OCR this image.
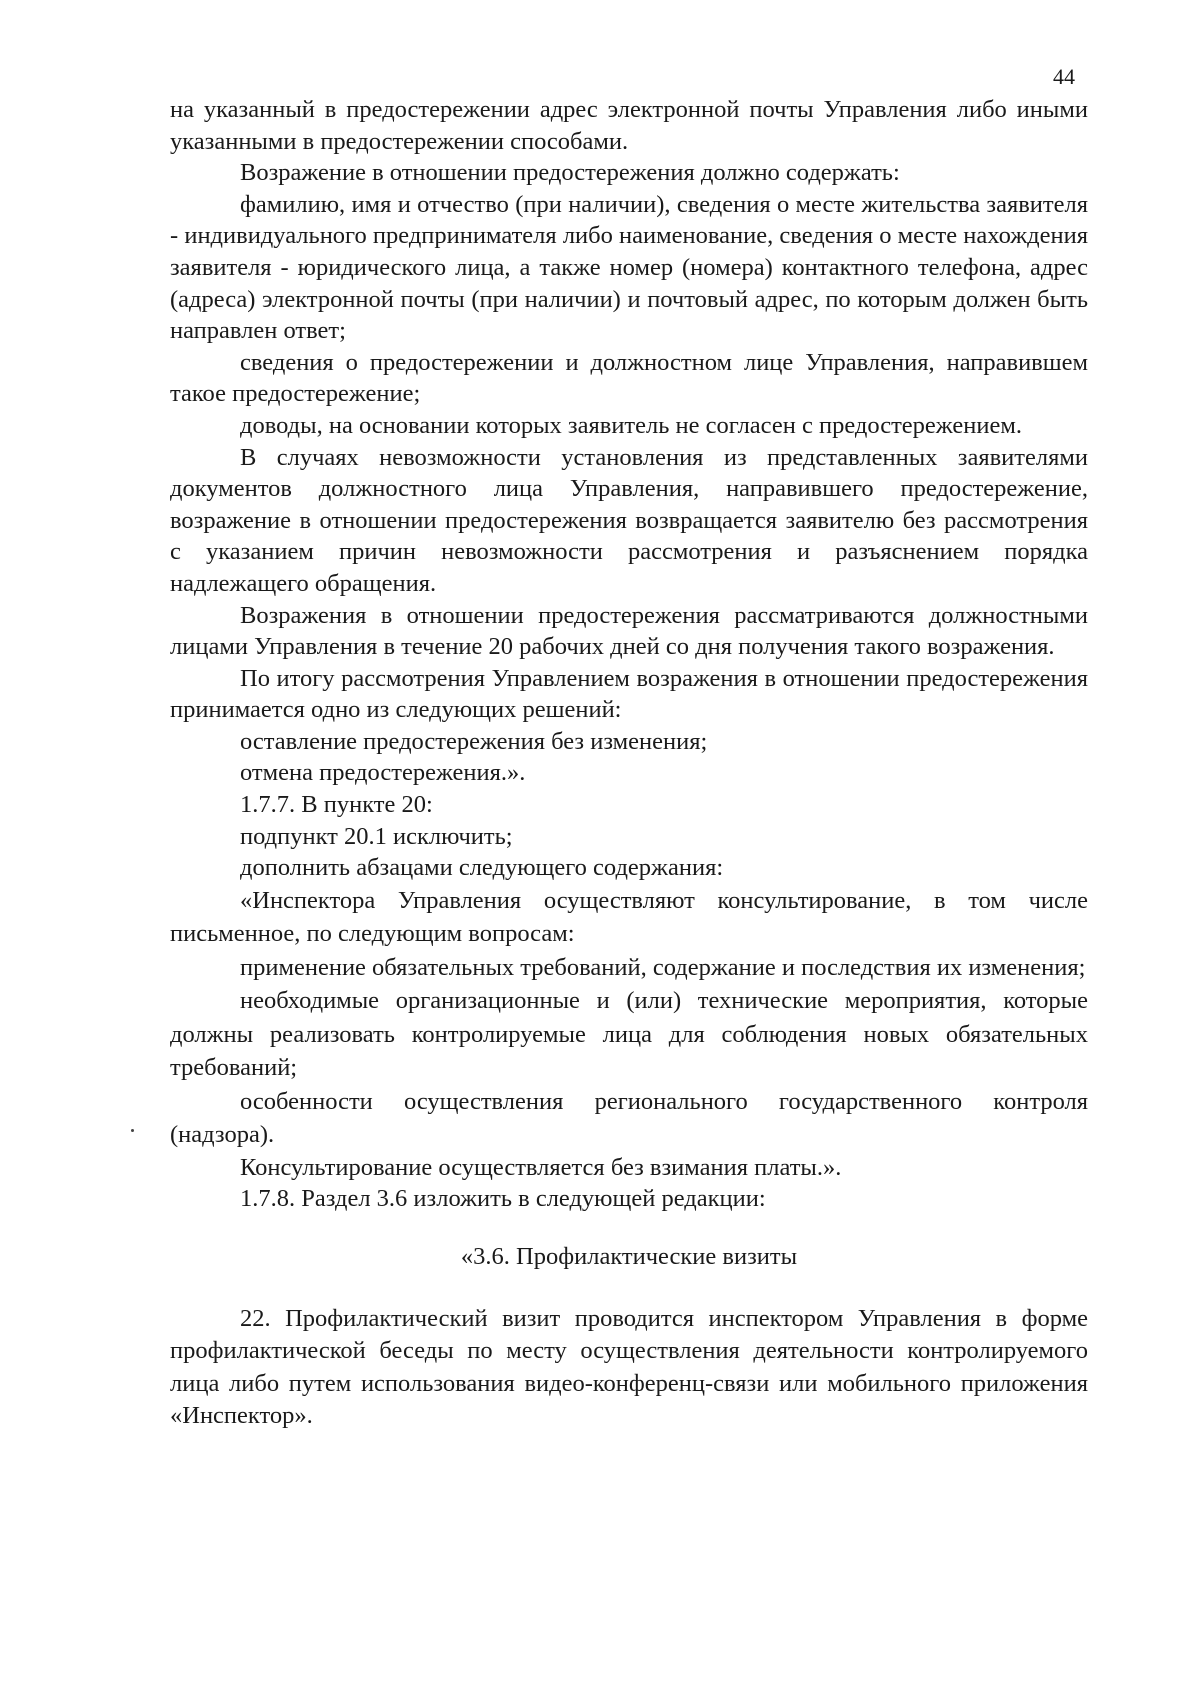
44

на указанный в предостережении адрес электронной почты Управления либо иными указанными в предостережении способами.

Возражение в отношении предостережения должно содержать:

фамилию, имя и отчество (при наличии), сведения о месте жительства заявителя - индивидуального предпринимателя либо наименование, сведения о месте нахождения заявителя - юридического лица, а также номер (номера) контактного телефона, адрес (адреса) электронной почты (при наличии) и почтовый адрес, по которым должен быть направлен ответ;

сведения о предостережении и должностном лице Управления, направившем такое предостережение;

доводы, на основании которых заявитель не согласен с предостережением.

В случаях невозможности установления из представленных заявителями документов должностного лица Управления, направившего предостережение, возражение в отношении предостережения возвращается заявителю без рассмотрения с указанием причин невозможности рассмотрения и разъяснением порядка надлежащего обращения.

Возражения в отношении предостережения рассматриваются должностными лицами Управления в течение 20 рабочих дней со дня получения такого возражения.

По итогу рассмотрения Управлением возражения в отношении предостережения принимается одно из следующих решений:

оставление предостережения без изменения;

отмена предостережения.».

1.7.7. В пункте 20:

подпункт 20.1 исключить;

дополнить абзацами следующего содержания:

«Инспектора Управления осуществляют консультирование, в том числе письменное, по следующим вопросам:

применение обязательных требований, содержание и последствия их изменения;

необходимые организационные и (или) технические мероприятия, которые должны реализовать контролируемые лица для соблюдения новых обязательных требований;

особенности осуществления регионального государственного контроля (надзора).

Консультирование осуществляется без взимания платы.».

1.7.8. Раздел 3.6 изложить в следующей редакции:

«3.6. Профилактические визиты

22. Профилактический визит проводится инспектором Управления в форме профилактической беседы по месту осуществления деятельности контролируемого лица либо путем использования видео-конференц-связи или мобильного приложения «Инспектор».
